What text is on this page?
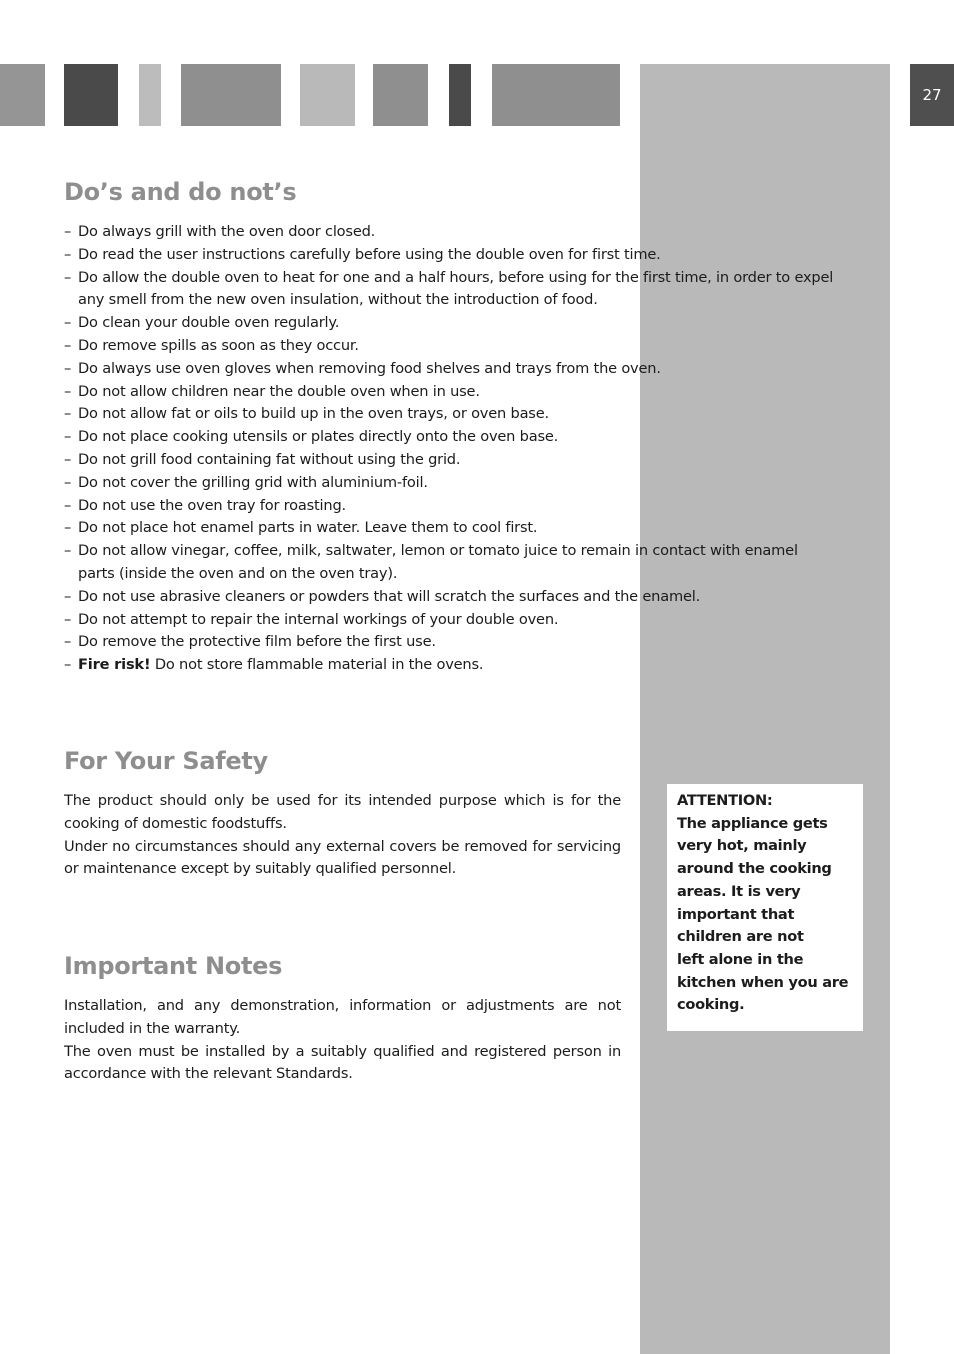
27
Do’s and do not’s
– Do always grill with the oven door closed.
– Do read the user instructions carefully before using the double oven for first time.
– Do allow the double oven to heat for one and a half hours, before using for the first time, in order to expel any smell from the new oven insulation, without the introduction of food.
– Do clean your double oven regularly.
– Do remove spills as soon as they occur.
– Do always use oven gloves when removing food shelves and trays from the oven.
– Do not allow children near the double oven when in use.
– Do not allow fat or oils to build up in the oven trays, or oven base.
– Do not place cooking utensils or plates directly onto the oven base.
– Do not grill food containing fat without using the grid.
– Do not cover the grilling grid with aluminium-foil.
– Do not use the oven tray for roasting.
– Do not place hot enamel parts in water. Leave them to cool first.
– Do not allow vinegar, coffee, milk, saltwater, lemon or tomato juice to remain in contact with enamel parts (inside the oven and on the oven tray).
– Do not use abrasive cleaners or powders that will scratch the surfaces and the enamel.
– Do not attempt to repair the internal workings of your double oven.
– Do remove the protective film before the first use.
– Fire risk! Do not store flammable material in the ovens.
For Your Safety

The product should only be used for its intended purpose which is for the cooking of domestic foodstuffs.

Under no circumstances should any external covers be removed for servicing or maintenance except by suitably qualified personnel.

Important Notes

Installation, and any demonstration, information or adjustments are not included in the warranty.

The oven must be installed by a suitably qualified and registered person in accordance with the relevant Standards.

ATTENTION:
The appliance gets
very hot, mainly
around the cooking
areas. It is very
important that
children are not
left alone in the
kitchen when you are
cooking.
